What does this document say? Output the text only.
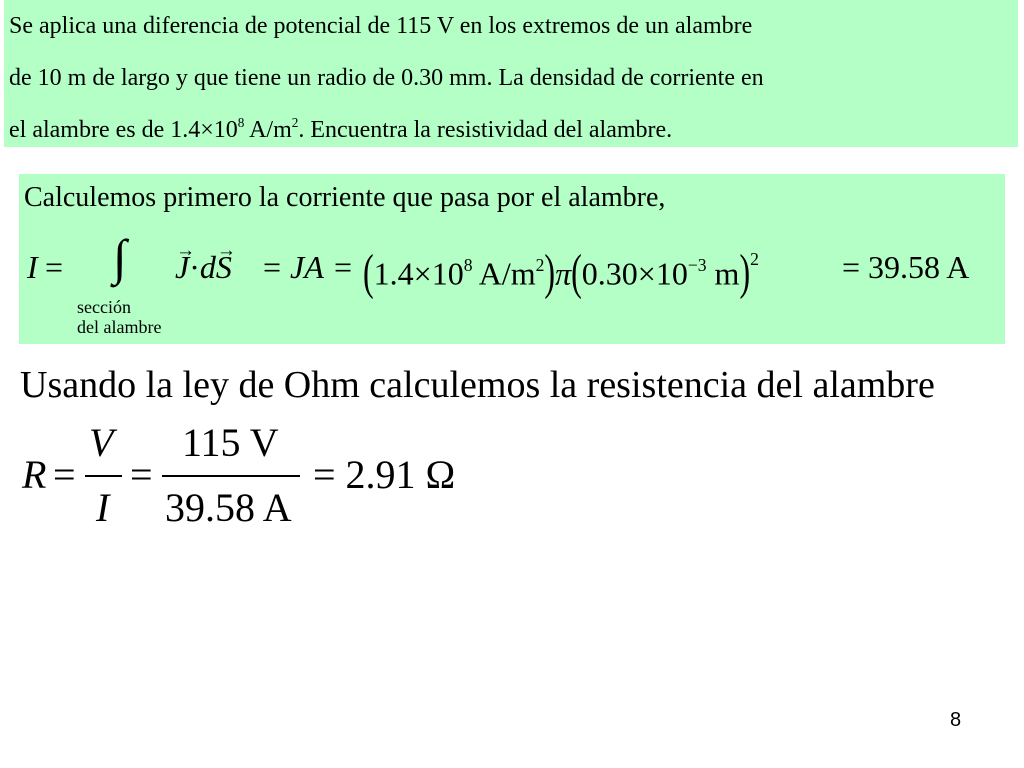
Se aplica una diferencia de potencial de 115 V en los extremos de un alambre
de 10 m de largo y que tiene un radio de 0.30 mm. La densidad de corriente en
el alambre es de $1.4\times 10^8$ $A/m^2$. Encuentra la resistividad del alambre.
Calculemos primero la corriente que pasa por el alambre,
I = ∫
→ J·d→ S = JA = ($1.4\times 10^8$ $A/m^2)\pi(0.30\times 10^{-3}$ m)$^2$	= 39.58 A
sección
del alambre
Usando la ley de Ohm calculemos la resistencia del alambre
R =
V
I
=
115 V
39.58 A
= 2.91 Ω
8
